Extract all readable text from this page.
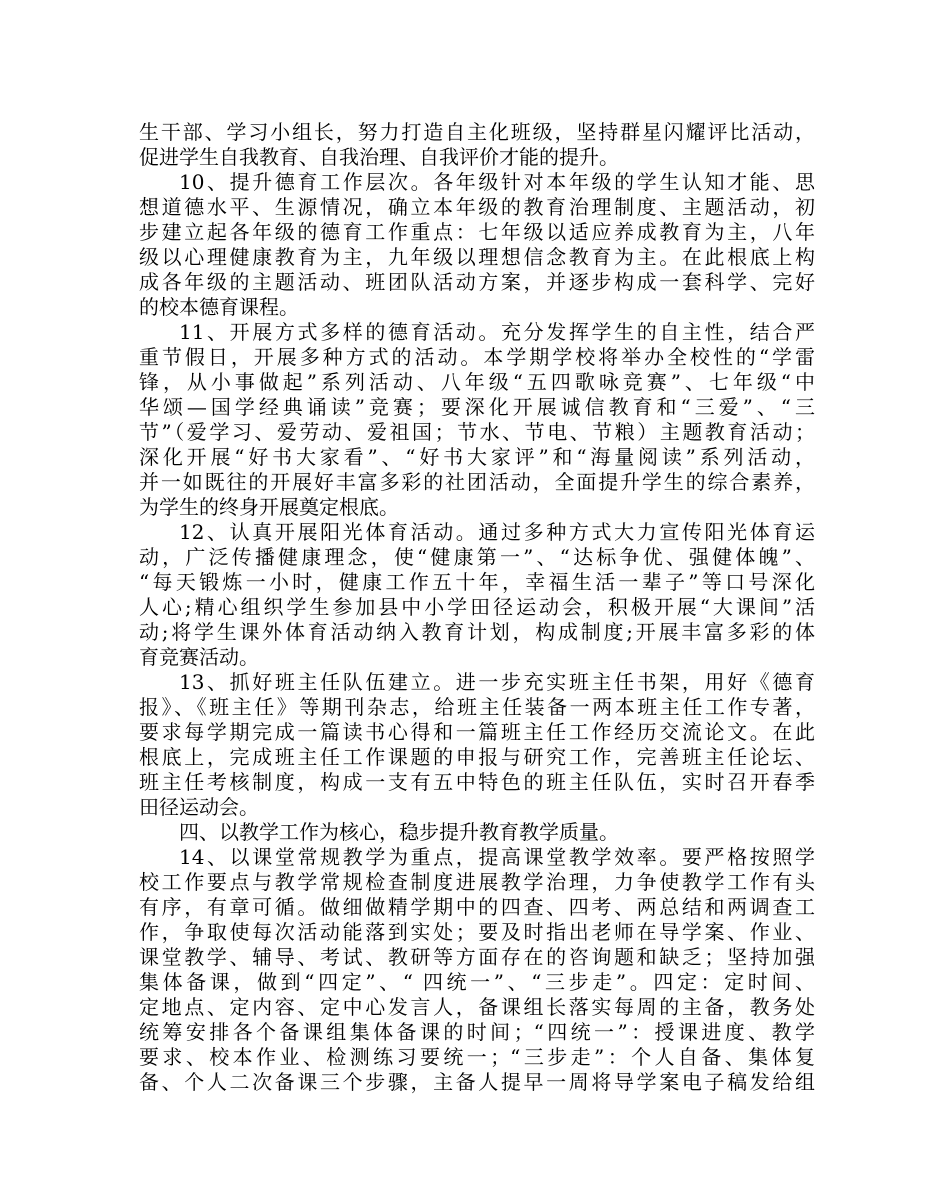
生干部、学习小组长，努力打造自主化班级，坚持群星闪耀评比活动，
促进学生自我教育、自我治理、自我评价才能的提升。
10、提升德育工作层次。各年级针对本年级的学生认知才能、思
想道德水平、生源情况，确立本年级的教育治理制度、主题活动，初
步建立起各年级的德育工作重点：七年级以适应养成教育为主，八年
级以心理健康教育为主，九年级以理想信念教育为主。在此根底上构
成各年级的主题活动、班团队活动方案，并逐步构成一套科学、完好
的校本德育课程。
11、开展方式多样的德育活动。充分发挥学生的自主性，结合严
重节假日，开展多种方式的活动。本学期学校将举办全校性的“学雷
锋，从小事做起”系列活动、八年级“五四歌咏竞赛”、七年级“中
华颂—国学经典诵读”竞赛；要深化开展诚信教育和“三爱”、“三
节”（爱学习、爱劳动、爱祖国；节水、节电、节粮）主题教育活动；
深化开展“好书大家看”、“好书大家评”和“海量阅读”系列活动，
并一如既往的开展好丰富多彩的社团活动，全面提升学生的综合素养，
为学生的终身开展奠定根底。
12、认真开展阳光体育活动。通过多种方式大力宣传阳光体育运
动，广泛传播健康理念，使“健康第一”、“达标争优、强健体魄”、
“每天锻炼一小时，健康工作五十年，幸福生活一辈子”等口号深化
人心;精心组织学生参加县中小学田径运动会，积极开展“大课间”活
动;将学生课外体育活动纳入教育计划，构成制度;开展丰富多彩的体
育竞赛活动。
13、抓好班主任队伍建立。进一步充实班主任书架，用好《德育
报》、《班主任》等期刊杂志，给班主任装备一两本班主任工作专著，
要求每学期完成一篇读书心得和一篇班主任工作经历交流论文。在此
根底上，完成班主任工作课题的申报与研究工作，完善班主任论坛、
班主任考核制度，构成一支有五中特色的班主任队伍，实时召开春季
田径运动会。
四、以教学工作为核心，稳步提升教育教学质量。
14、以课堂常规教学为重点，提高课堂教学效率。要严格按照学
校工作要点与教学常规检查制度进展教学治理，力争使教学工作有头
有序，有章可循。做细做精学期中的四查、四考、两总结和两调查工
作，争取使每次活动能落到实处；要及时指出老师在导学案、作业、
课堂教学、辅导、考试、教研等方面存在的咨询题和缺乏；坚持加强
集体备课，做到“四定”、“ 四统一”、“三步走”。四定：定时间、
定地点、定内容、定中心发言人，备课组长落实每周的主备，教务处
统筹安排各个备课组集体备课的时间；“四统一”：授课进度、教学
要求、校本作业、检测练习要统一；“三步走”：个人自备、集体复
备、个人二次备课三个步骤，主备人提早一周将导学案电子稿发给组
